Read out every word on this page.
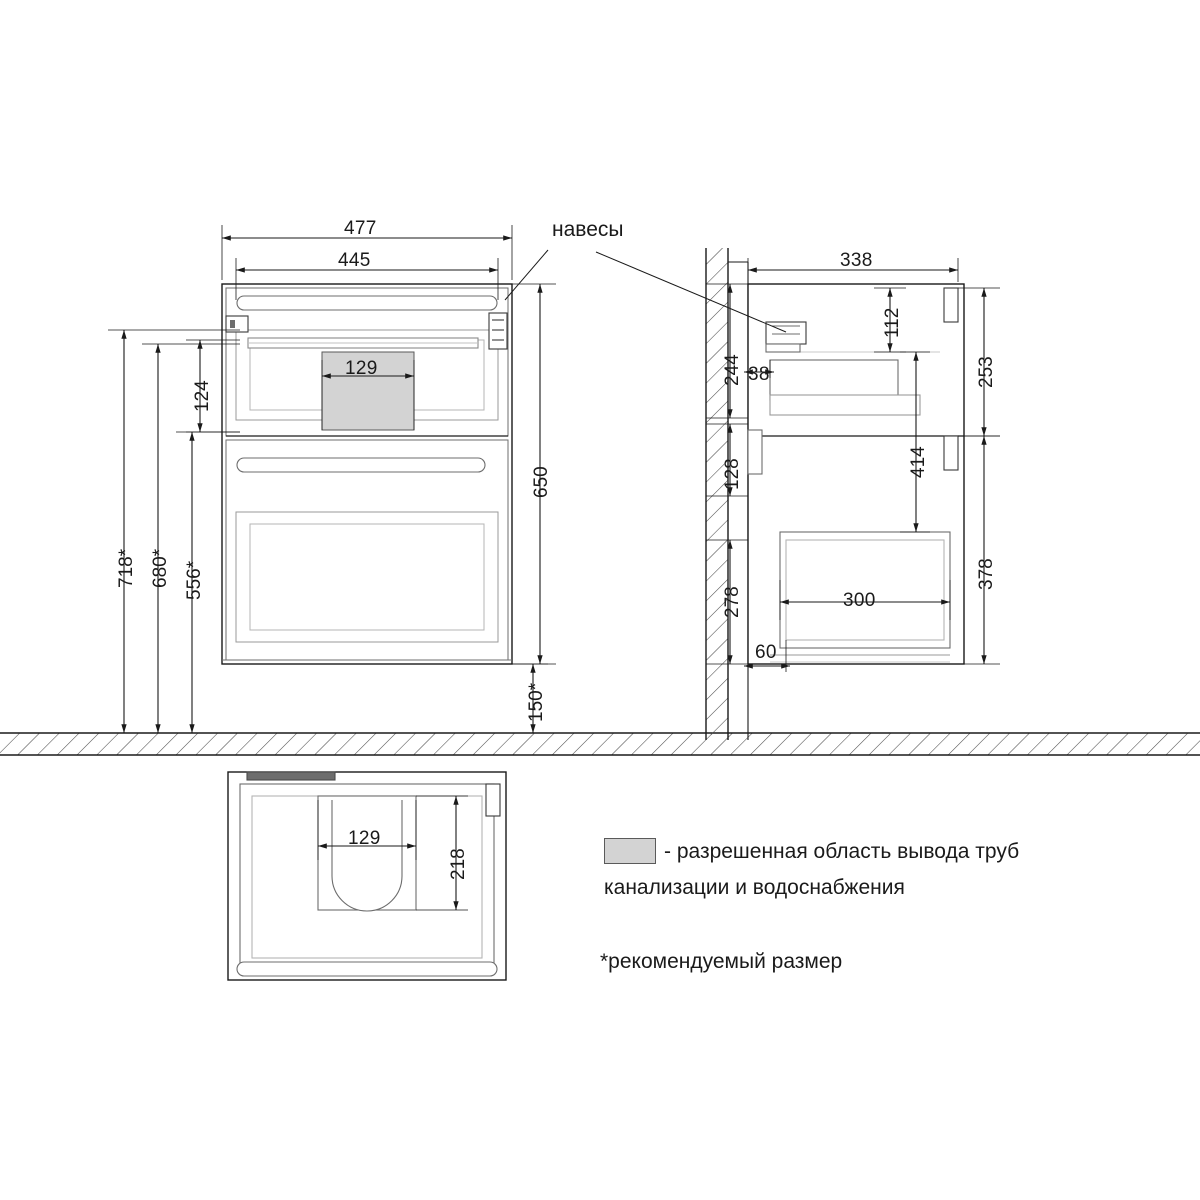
навесы
477
445
129
650
124
718* 680* 556*
150*
338
112
244 38
128
278
414
253
378
300
60
129
218	- разрешенная область вывода труб
канализации и водоснабжения
*рекомендуемый размер
